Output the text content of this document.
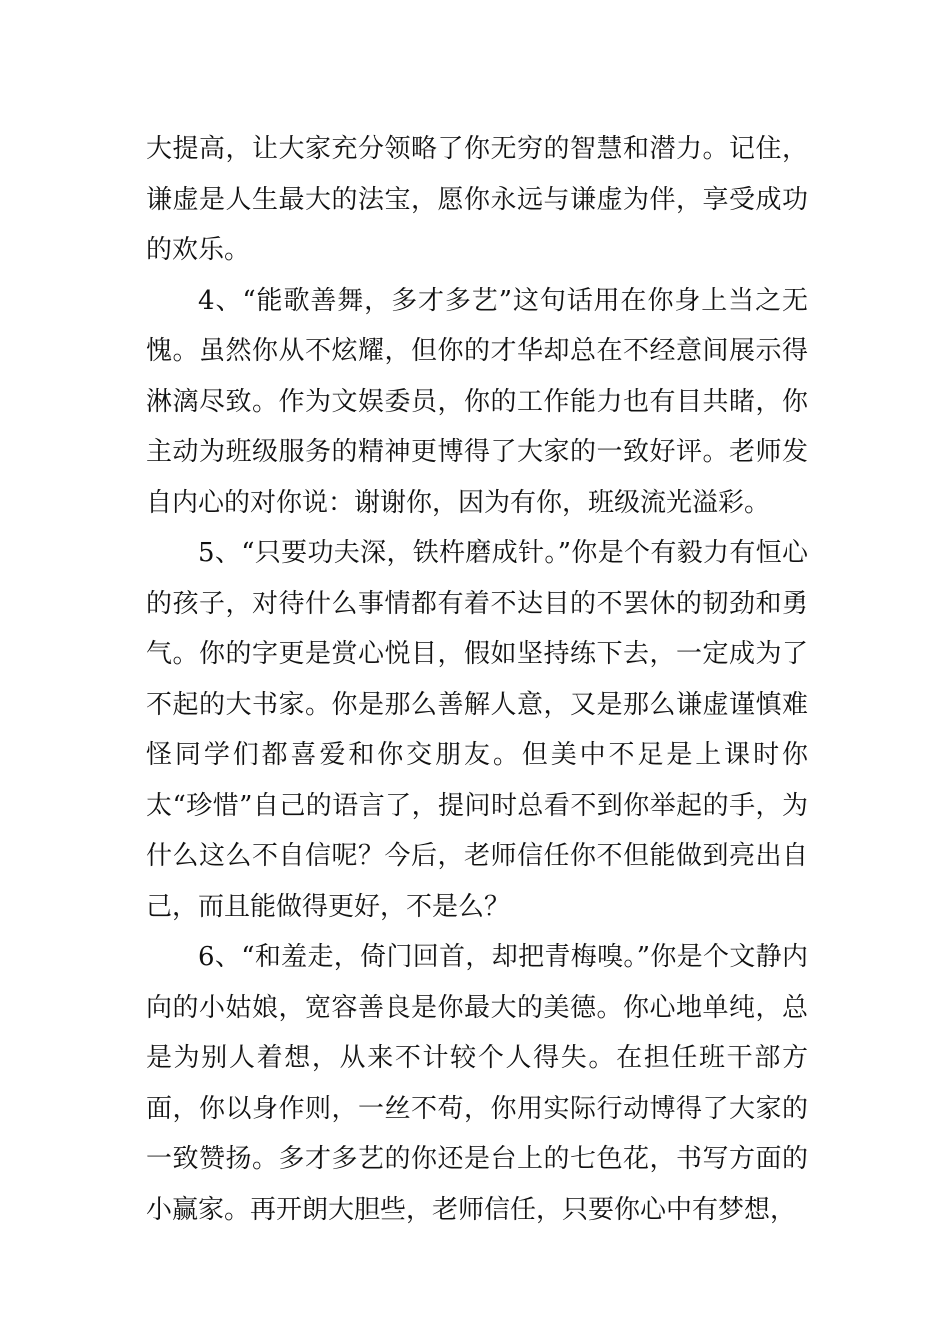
大提高，让大家充分领略了你无穷的智慧和潜力。记住，谦虚是人生最大的法宝，愿你永远与谦虚为伴，享受成功的欢乐。

4、“能歌善舞，多才多艺”这句话用在你身上当之无愧。虽然你从不炫耀，但你的才华却总在不经意间展示得淋漓尽致。作为文娱委员，你的工作能力也有目共睹，你主动为班级服务的精神更博得了大家的一致好评。老师发自内心的对你说：谢谢你，因为有你，班级流光溢彩。

5、“只要功夫深，铁杵磨成针。”你是个有毅力有恒心的孩子，对待什么事情都有着不达目的不罢休的韧劲和勇气。你的字更是赏心悦目，假如坚持练下去，一定成为了不起的大书家。你是那么善解人意，又是那么谦虚谨慎难怪同学们都喜爱和你交朋友。但美中不足是上课时你太“珍惜”自己的语言了，提问时总看不到你举起的手，为什么这么不自信呢？今后，老师信任你不但能做到亮出自己，而且能做得更好，不是么？

6、“和羞走，倚门回首，却把青梅嗅。”你是个文静内向的小姑娘，宽容善良是你最大的美德。你心地单纯，总是为别人着想，从来不计较个人得失。在担任班干部方面，你以身作则，一丝不苟，你用实际行动博得了大家的一致赞扬。多才多艺的你还是台上的七色花，书写方面的小赢家。再开朗大胆些，老师信任，只要你心中有梦想，
